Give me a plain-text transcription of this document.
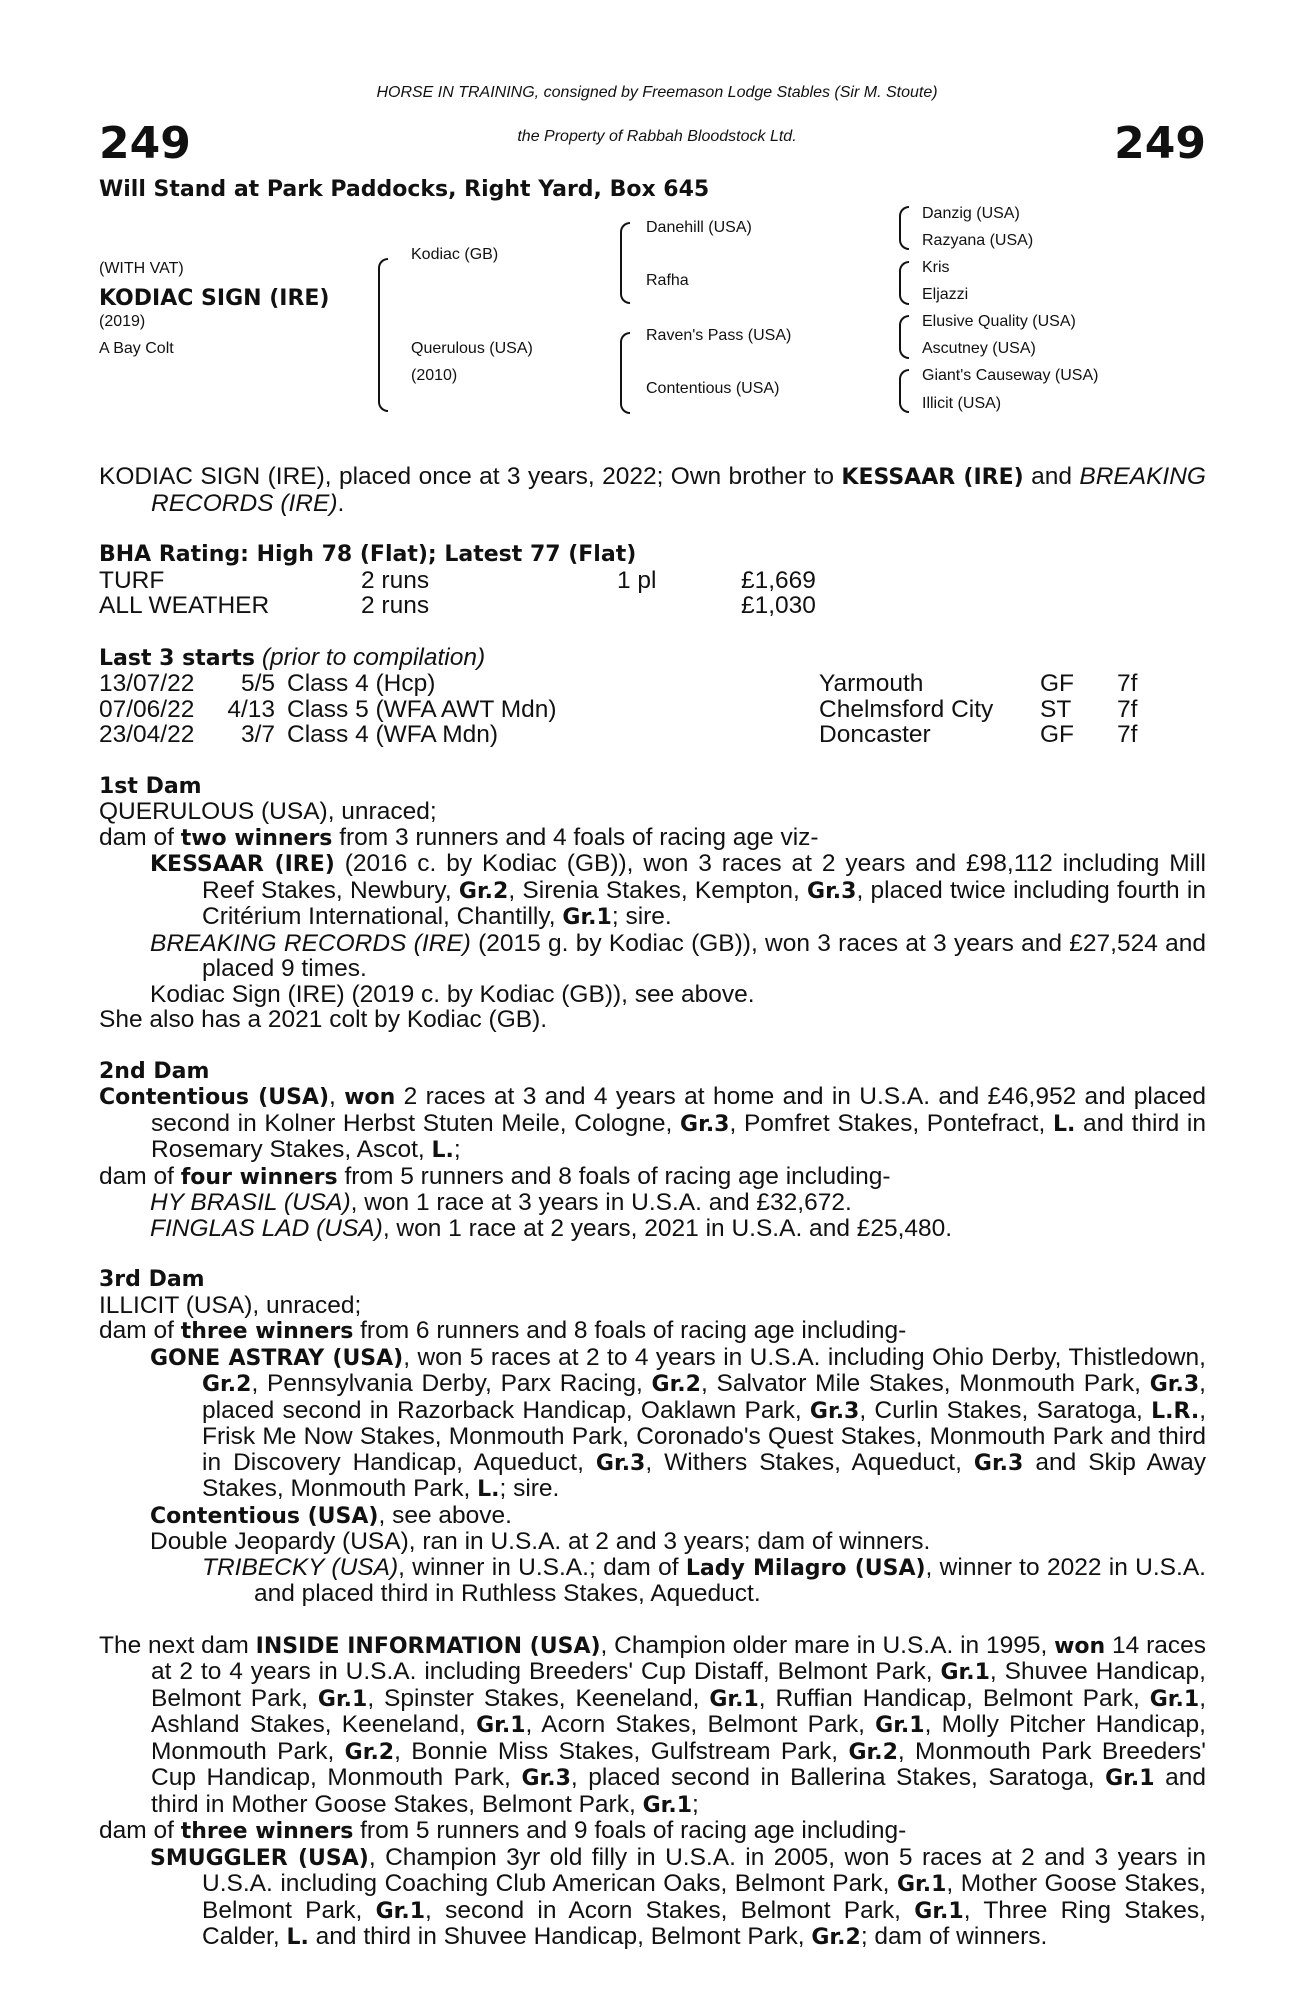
HORSE IN TRAINING, consigned by Freemason Lodge Stables (Sir M. Stoute)
the Property of Rabbah Bloodstock Ltd.
249	249
Will Stand at Park Paddocks, Right Yard, Box 645
(WITH VAT)
KODIAC SIGN (IRE)
(2019)
A Bay Colt
Kodiac (GB)
Querulous (USA)
(2010)
Danehill (USA)
Rafha
Raven's Pass (USA)
Contentious (USA)
Danzig (USA)
Razyana (USA)
Kris
Eljazzi
Elusive Quality (USA)
Ascutney (USA)
Giant's Causeway (USA)
Illicit (USA)

KODIAC SIGN (IRE), placed once at 3 years, 2022; Own brother to KESSAAR (IRE) and BREAKING RECORDS (IRE).

BHA Rating: High 78 (Flat); Latest 77 (Flat)
TURF	2 runs	1 pl	£1,669
ALL WEATHER	2 runs	£1,030
Last 3 starts (prior to compilation)
13/07/22	5/5 Class 4 (Hcp)	Yarmouth	GF	7f
07/06/22	4/13 Class 5 (WFA AWT Mdn)	Chelmsford City	ST	7f
23/04/22	3/7 Class 4 (WFA Mdn)	Doncaster	GF	7f
1st Dam

QUERULOUS (USA), unraced;

dam of two winners from 3 runners and 4 foals of racing age viz-

KESSAAR (IRE) (2016 c. by Kodiac (GB)), won 3 races at 2 years and £98,112 including Mill Reef Stakes, Newbury, Gr.2, Sirenia Stakes, Kempton, Gr.3, placed twice including fourth in Critérium International, Chantilly, Gr.1; sire.

BREAKING RECORDS (IRE) (2015 g. by Kodiac (GB)), won 3 races at 3 years and £27,524 and placed 9 times.

Kodiac Sign (IRE) (2019 c. by Kodiac (GB)), see above.

She also has a 2021 colt by Kodiac (GB).

2nd Dam

Contentious (USA), won 2 races at 3 and 4 years at home and in U.S.A. and £46,952 and placed second in Kolner Herbst Stuten Meile, Cologne, Gr.3, Pomfret Stakes, Pontefract, L. and third in Rosemary Stakes, Ascot, L.;

dam of four winners from 5 runners and 8 foals of racing age including-

HY BRASIL (USA), won 1 race at 3 years in U.S.A. and £32,672.

FINGLAS LAD (USA), won 1 race at 2 years, 2021 in U.S.A. and £25,480.

3rd Dam

ILLICIT (USA), unraced;

dam of three winners from 6 runners and 8 foals of racing age including-

GONE ASTRAY (USA), won 5 races at 2 to 4 years in U.S.A. including Ohio Derby, Thistledown, Gr.2, Pennsylvania Derby, Parx Racing, Gr.2, Salvator Mile Stakes, Monmouth Park, Gr.3, placed second in Razorback Handicap, Oaklawn Park, Gr.3, Curlin Stakes, Saratoga, L.R., Frisk Me Now Stakes, Monmouth Park, Coronado's Quest Stakes, Monmouth Park and third in Discovery Handicap, Aqueduct, Gr.3, Withers Stakes, Aqueduct, Gr.3 and Skip Away Stakes, Monmouth Park, L.; sire.

Contentious (USA), see above.

Double Jeopardy (USA), ran in U.S.A. at 2 and 3 years; dam of winners.

TRIBECKY (USA), winner in U.S.A.; dam of Lady Milagro (USA), winner to 2022 in U.S.A. and placed third in Ruthless Stakes, Aqueduct.

The next dam INSIDE INFORMATION (USA), Champion older mare in U.S.A. in 1995, won 14 races at 2 to 4 years in U.S.A. including Breeders' Cup Distaff, Belmont Park, Gr.1, Shuvee Handicap, Belmont Park, Gr.1, Spinster Stakes, Keeneland, Gr.1, Ruffian Handicap, Belmont Park, Gr.1, Ashland Stakes, Keeneland, Gr.1, Acorn Stakes, Belmont Park, Gr.1, Molly Pitcher Handicap, Monmouth Park, Gr.2, Bonnie Miss Stakes, Gulfstream Park, Gr.2, Monmouth Park Breeders' Cup Handicap, Monmouth Park, Gr.3, placed second in Ballerina Stakes, Saratoga, Gr.1 and third in Mother Goose Stakes, Belmont Park, Gr.1;

dam of three winners from 5 runners and 9 foals of racing age including-

SMUGGLER (USA), Champion 3yr old filly in U.S.A. in 2005, won 5 races at 2 and 3 years in U.S.A. including Coaching Club American Oaks, Belmont Park, Gr.1, Mother Goose Stakes, Belmont Park, Gr.1, second in Acorn Stakes, Belmont Park, Gr.1, Three Ring Stakes, Calder, L. and third in Shuvee Handicap, Belmont Park, Gr.2; dam of winners.
